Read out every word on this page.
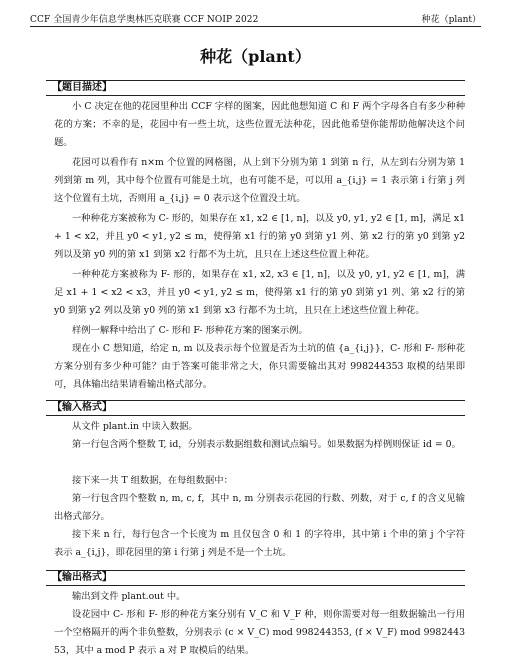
CCF 全国青少年信息学奥林匹克联赛 CCF NOIP 2022	种花（plant）
种花（plant）
【题目描述】
小 C 决定在他的花园里种出 CCF 字样的图案，因此他想知道 C 和 F 两个字母各自有多少种种花的方案；不幸的是，花园中有一些土坑，这些位置无法种花，因此他希望你能帮助他解决这个问题。
花园可以看作有 n×m 个位置的网格图，从上到下分别为第 1 到第 n 行，从左到右分别为第 1 列到第 m 列，其中每个位置有可能是土坑，也有可能不是，可以用 a_{i,j} = 1 表示第 i 行第 j 列这个位置有土坑，否则用 a_{i,j} = 0 表示这个位置没土坑。
一种种花方案被称为 C- 形的，如果存在 x1, x2 ∈ [1, n]，以及 y0, y1, y2 ∈ [1, m]，满足 x1 + 1 < x2，并且 y0 < y1, y2 ≤ m，使得第 x1 行的第 y0 到第 y1 列、第 x2 行的第 y0 到第 y2 列以及第 y0 列的第 x1 到第 x2 行都不为土坑，且只在上述这些位置上种花。
一种种花方案被称为 F- 形的，如果存在 x1, x2, x3 ∈ [1, n]，以及 y0, y1, y2 ∈ [1, m]，满足 x1 + 1 < x2 < x3，并且 y0 < y1, y2 ≤ m，使得第 x1 行的第 y0 到第 y1 列、第 x2 行的第 y0 到第 y2 列以及第 y0 列的第 x1 到第 x3 行都不为土坑，且只在上述这些位置上种花。
样例一解释中给出了 C- 形和 F- 形种花方案的图案示例。
现在小 C 想知道，给定 n, m 以及表示每个位置是否为土坑的值 {a_{i,j}}，C- 形和 F- 形种花方案分别有多少种可能？由于答案可能非常之大，你只需要输出其对 998244353 取模的结果即可，具体输出结果请看输出格式部分。
【输入格式】
从文件 plant.in 中读入数据。
第一行包含两个整数 T, id，分别表示数据组数和测试点编号。如果数据为样例则保证 id = 0。
接下来一共 T 组数据，在每组数据中：
第一行包含四个整数 n, m, c, f，其中 n, m 分别表示花园的行数、列数，对于 c, f 的含义见输出格式部分。
接下来 n 行，每行包含一个长度为 m 且仅包含 0 和 1 的字符串，其中第 i 个串的第 j 个字符表示 a_{i,j}，即花园里的第 i 行第 j 列是不是一个土坑。
【输出格式】
输出到文件 plant.out 中。
设花园中 C- 形和 F- 形的种花方案分别有 V_C 和 V_F 种，则你需要对每一组数据输出一行用一个空格隔开的两个非负整数，分别表示 (c × V_C) mod 998244353, (f × V_F) mod 998244353，其中 a mod P 表示 a 对 P 取模后的结果。
